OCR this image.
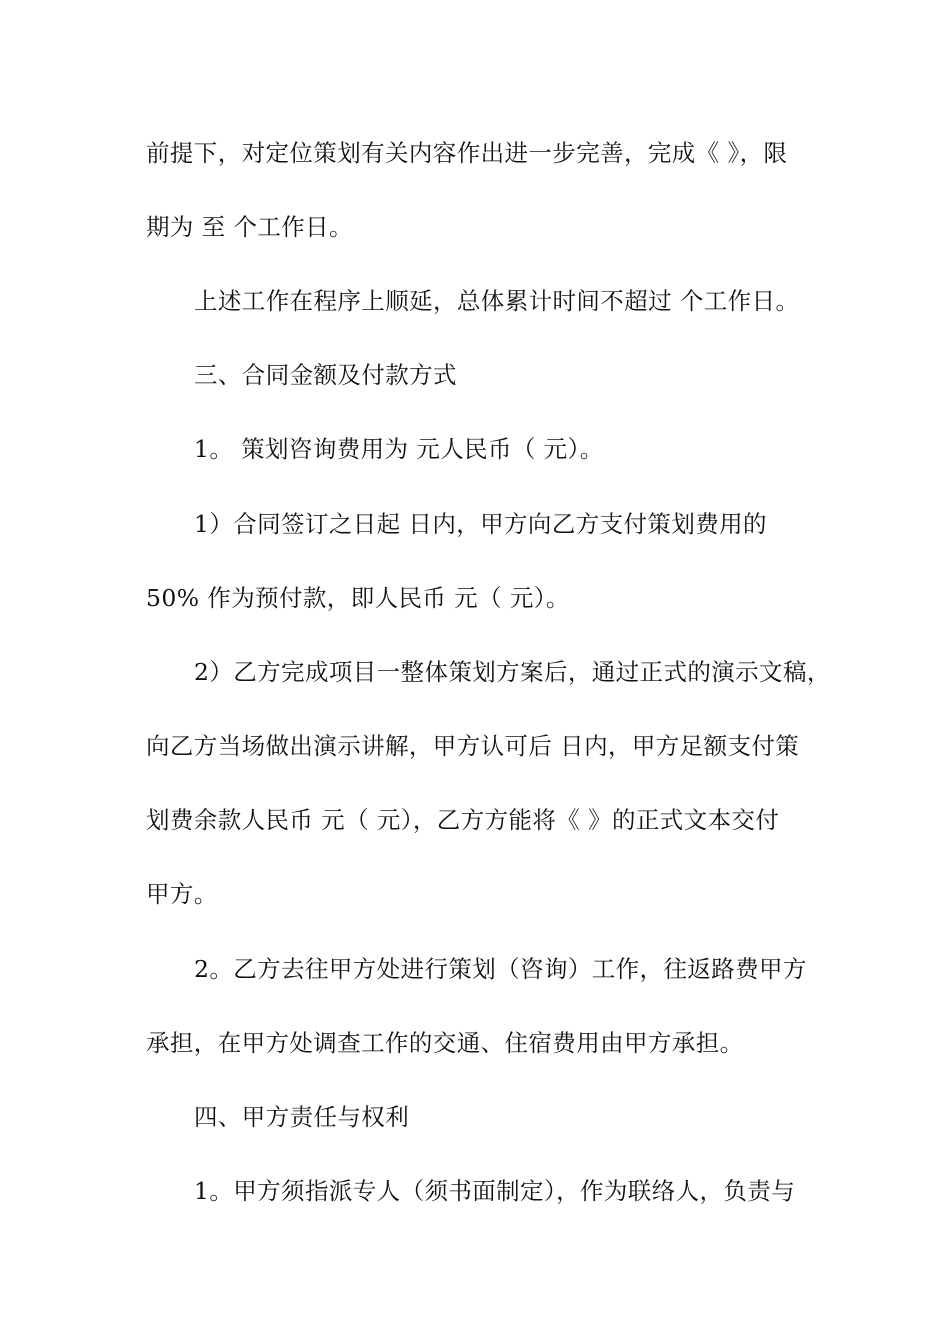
前提下，对定位策划有关内容作出进一步完善，完成《 》，限
期为 至 个工作日。
上述工作在程序上顺延，总体累计时间不超过 个工作日。
三、合同金额及付款方式
1。 策划咨询费用为 元人民币（ 元）。
1）合同签订之日起 日内，甲方向乙方支付策划费用的
50% 作为预付款，即人民币 元（ 元）。
2）乙方完成项目一整体策划方案后，通过正式的演示文稿，
向乙方当场做出演示讲解，甲方认可后 日内，甲方足额支付策
划费余款人民币 元（ 元），乙方方能将《 》的正式文本交付
甲方。
2。乙方去往甲方处进行策划（咨询）工作，往返路费甲方
承担，在甲方处调查工作的交通、住宿费用由甲方承担。
四、甲方责任与权利
1。甲方须指派专人（须书面制定），作为联络人，负责与
